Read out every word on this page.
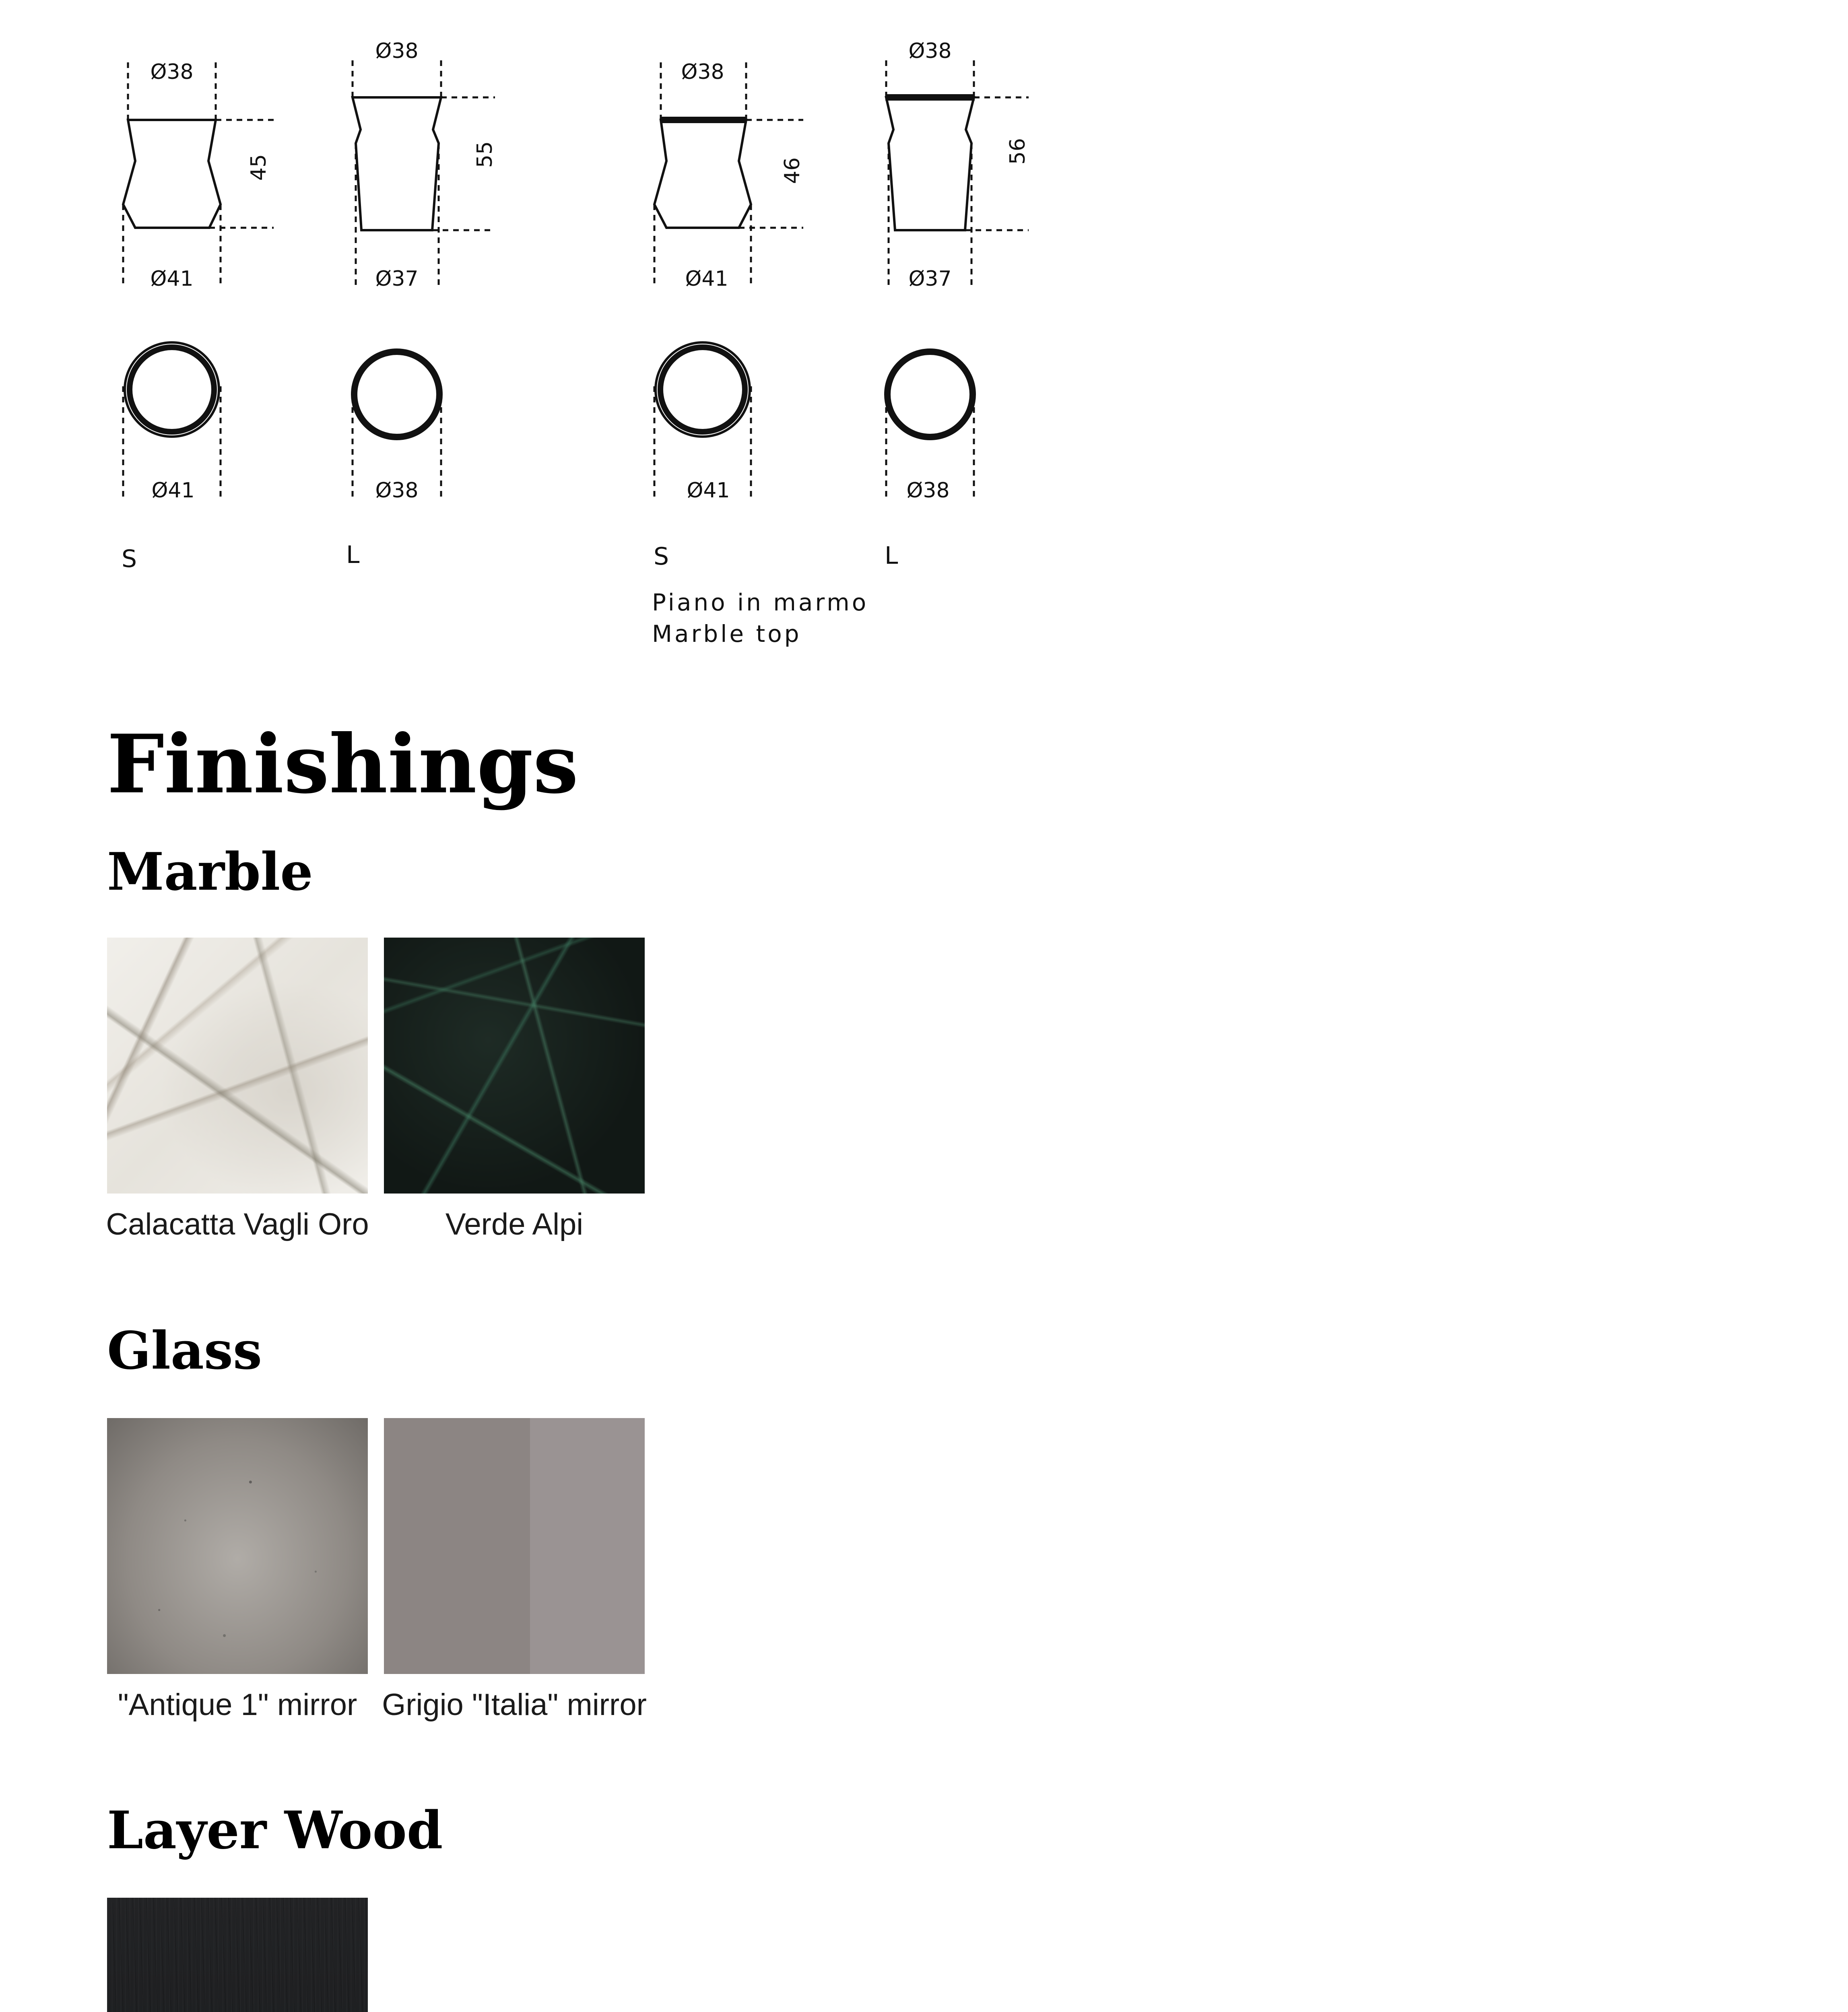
Ø38
Ø41
45
Ø38
Ø37
55
Ø38
Ø41
46
Ø38
Ø37
56
Ø41	Ø38	Ø41	Ø38
S	L	S	L
Piano in marmo
Marble top
Finishings
Marble
Calacatta Vagli Oro	Verde Alpi
Glass
"Antique 1" mirror Grigio "Italia" mirror
Layer Wood
